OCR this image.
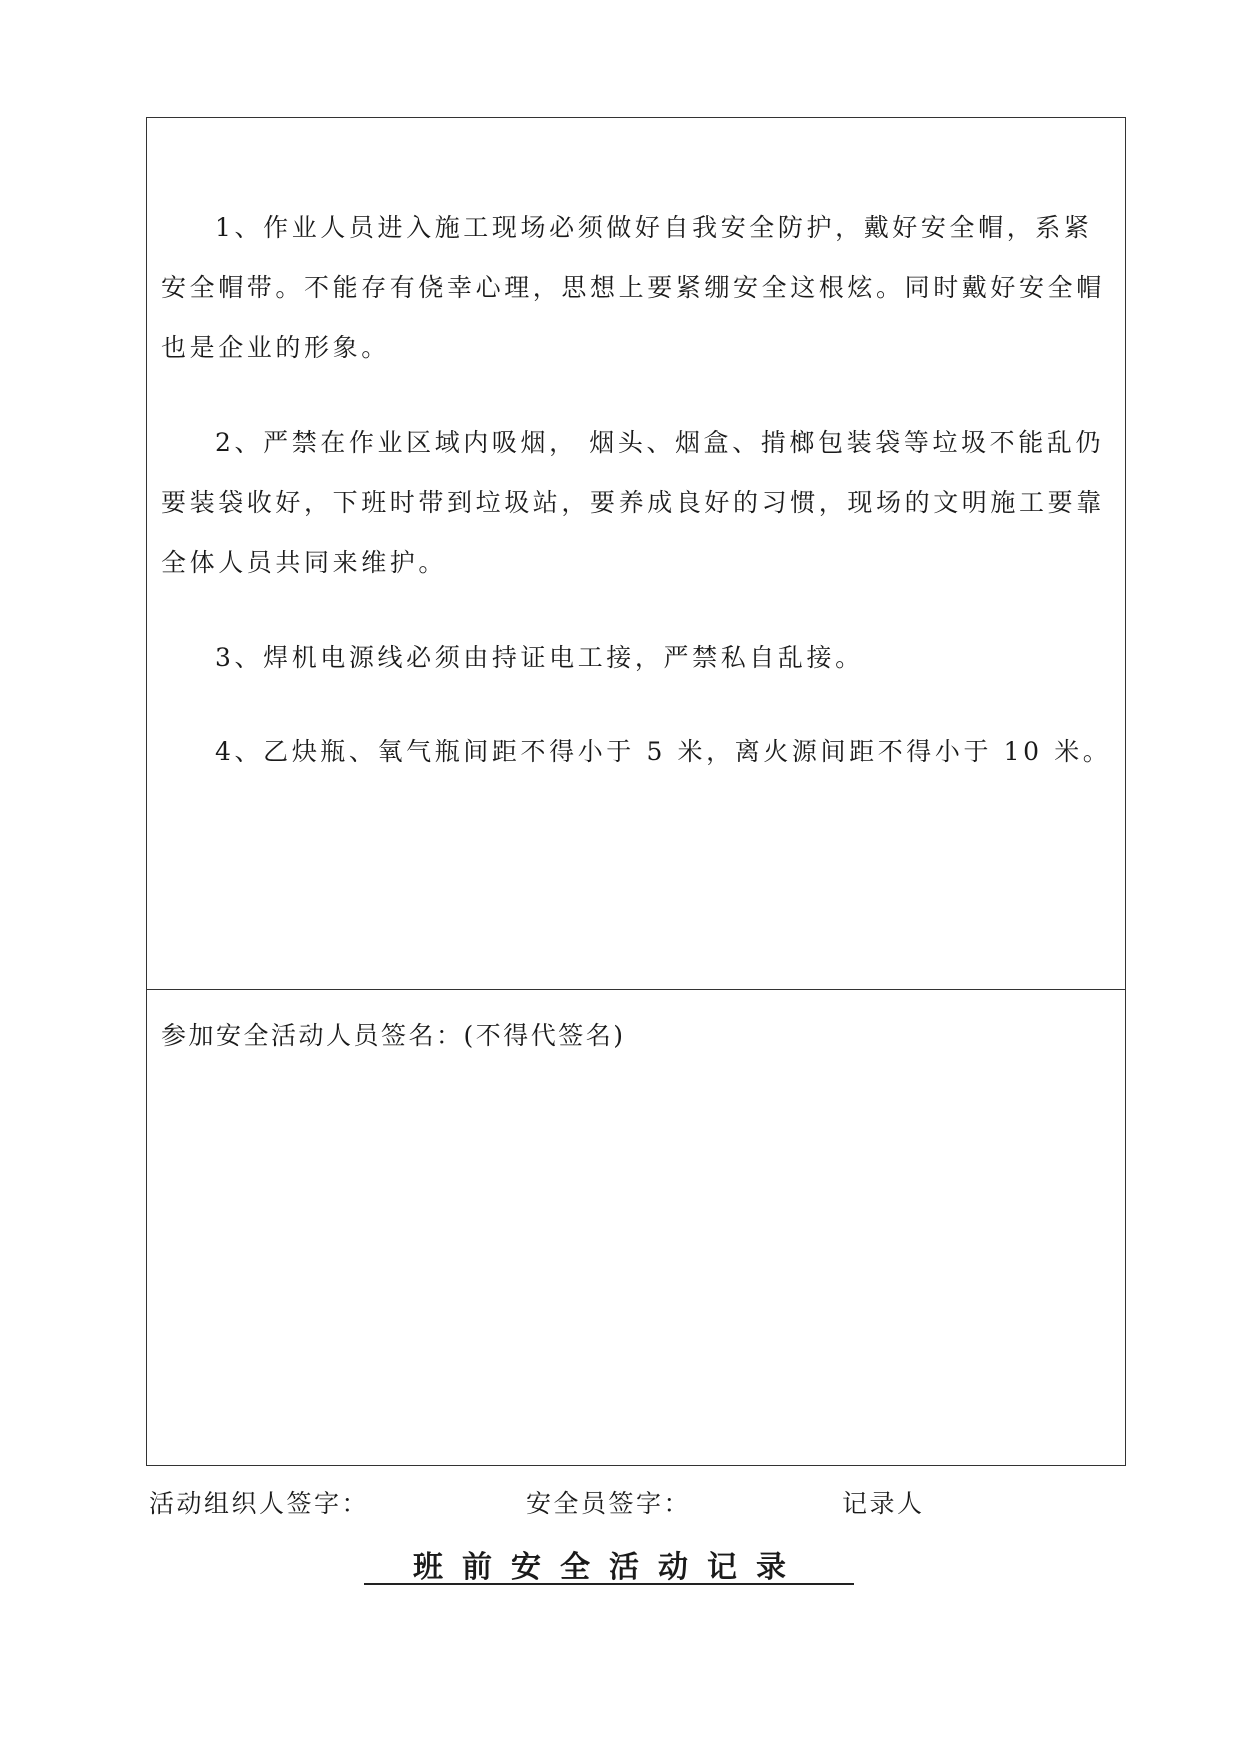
1、作业人员进入施工现场必须做好自我安全防护，戴好安全帽，系紧
安全帽带。不能存有侥幸心理，思想上要紧绷安全这根炫。同时戴好安全帽也是企业的形象。

2、严禁在作业区域内吸烟， 烟头、烟盒、掯榔包装袋等垃圾不能乱仍
要装袋收好，下班时带到垃圾站，要养成良好的习惯，现场的文明施工要靠全体人员共同来维护。

3、焊机电源线必须由持证电工接，严禁私自乱接。

4、乙炔瓶、氧气瓶间距不得小于 5 米，离火源间距不得小于 10 米。

参加安全活动人员签名：(不得代签名)
活动组织人签字：	安全员签字：	记录人
班前安全活动记录
